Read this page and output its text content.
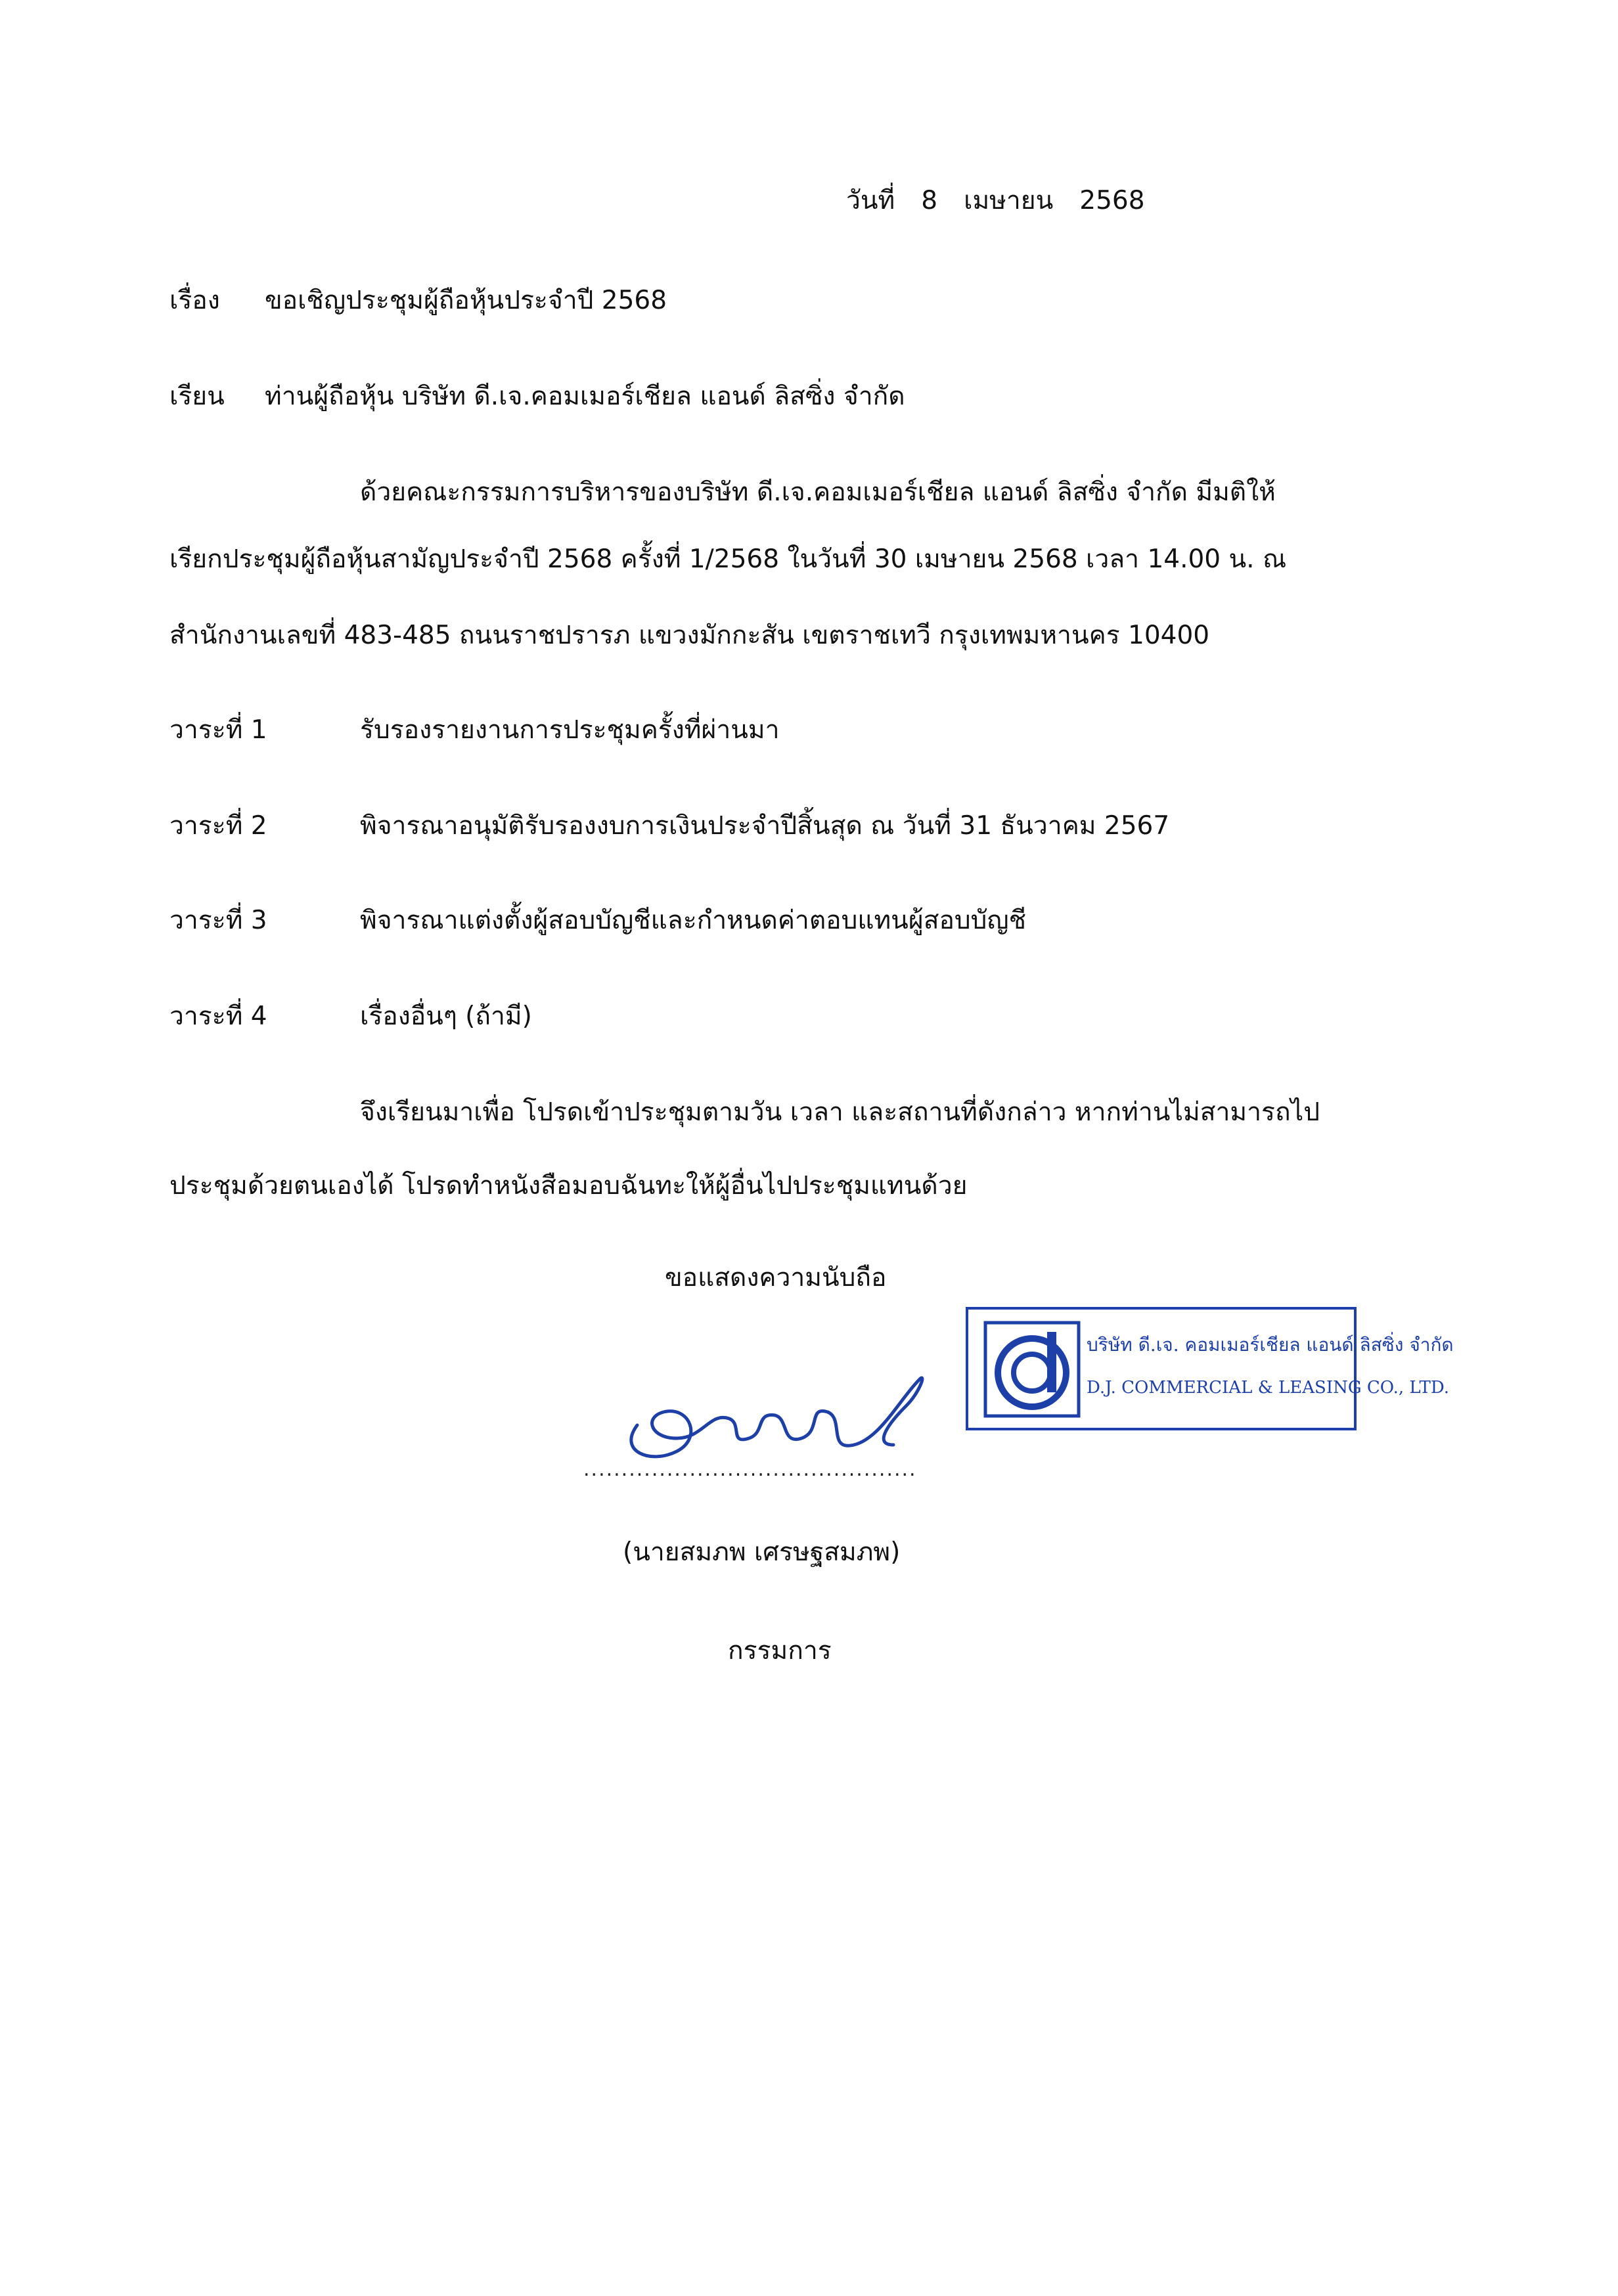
วันที่ 8 เมษายน 2568
เรื่อง ขอเชิญประชุมผู้ถือหุ้นประจำปี 2568
เรียน ท่านผู้ถือหุ้น บริษัท ดี.เจ.คอมเมอร์เชียล แอนด์ ลิสซิ่ง จำกัด
ด้วยคณะกรรมการบริหารของบริษัท ดี.เจ.คอมเมอร์เชียล แอนด์ ลิสซิ่ง จำกัด มีมติให้
เรียกประชุมผู้ถือหุ้นสามัญประจำปี 2568 ครั้งที่ 1/2568 ในวันที่ 30 เมษายน 2568 เวลา 14.00 น. ณ
สำนักงานเลขที่ 483-485 ถนนราชปรารภ แขวงมักกะสัน เขตราชเทวี กรุงเทพมหานคร 10400
วาระที่ 1	รับรองรายงานการประชุมครั้งที่ผ่านมา
วาระที่ 2	พิจารณาอนุมัติรับรองงบการเงินประจำปีสิ้นสุด ณ วันที่ 31 ธันวาคม 2567
วาระที่ 3	พิจารณาแต่งตั้งผู้สอบบัญชีและกำหนดค่าตอบแทนผู้สอบบัญชี
วาระที่ 4	เรื่องอื่นๆ (ถ้ามี)
จึงเรียนมาเพื่อ โปรดเข้าประชุมตามวัน เวลา และสถานที่ดังกล่าว หากท่านไม่สามารถไป
ประชุมด้วยตนเองได้ โปรดทำหนังสือมอบฉันทะให้ผู้อื่นไปประชุมแทนด้วย
ขอแสดงความนับถือ
บริษัท ดี.เจ. คอมเมอร์เชียล แอนด์ ลิสซิ่ง จำกัด
D.J. COMMERCIAL & LEASING CO., LTD.
............................................
(นายสมภพ เศรษฐสมภพ)
กรรมการ
